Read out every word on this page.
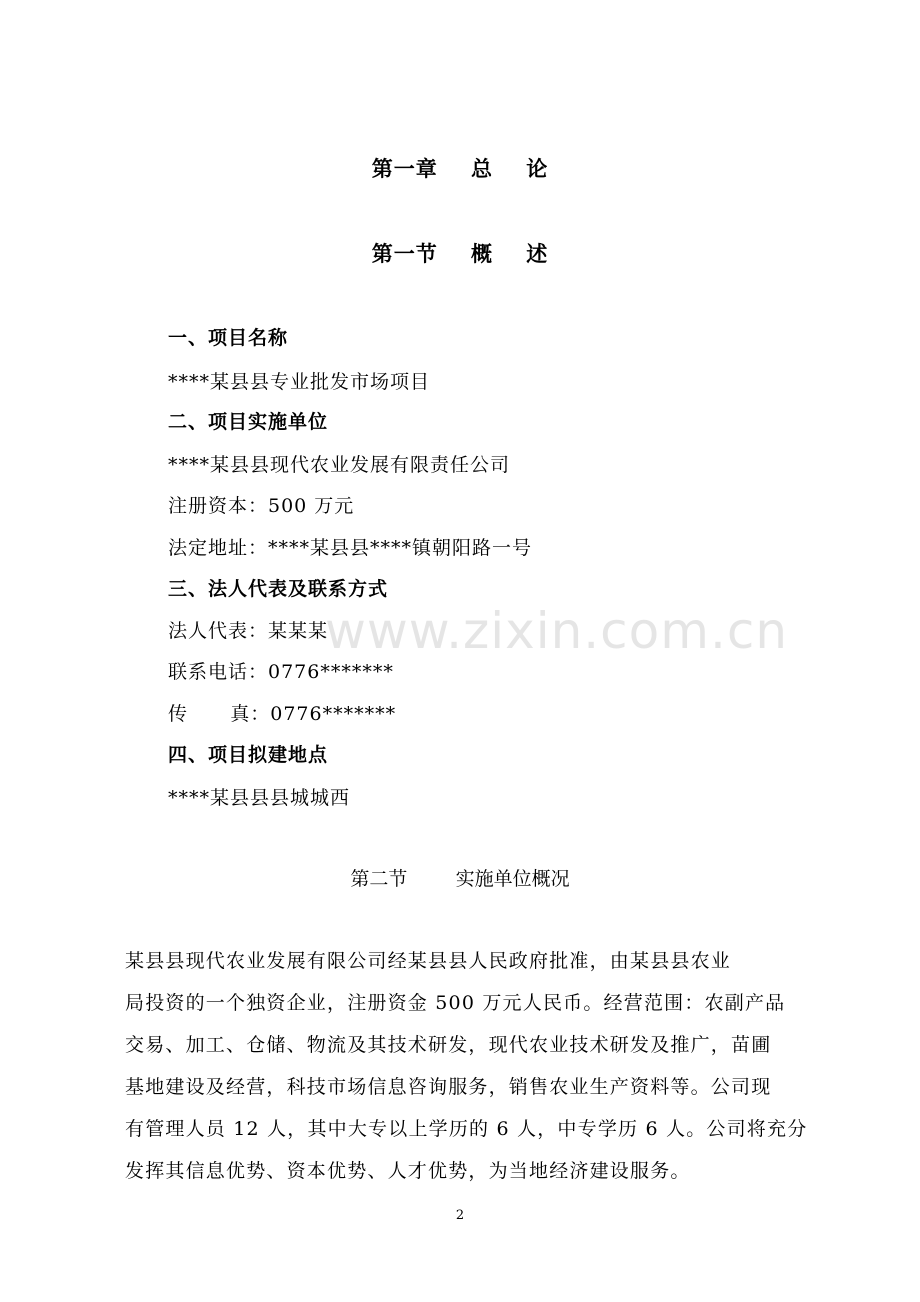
第一章    总    论
第一节    概    述
一、项目名称
****某县县专业批发市场项目
二、项目实施单位
****某县县现代农业发展有限责任公司
注册资本：500 万元
法定地址：****某县县****镇朝阳路一号
三、法人代表及联系方式
法人代表：某某某
联系电话：0776*******
传      真：0776*******
四、项目拟建地点
****某县县县城城西
第二节        实施单位概况
某县县现代农业发展有限公司经某县县人民政府批准，由某县县农业
局投资的一个独资企业，注册资金 500 万元人民币。经营范围：农副产品
交易、加工、仓储、物流及其技术研发，现代农业技术研发及推广，苗圃
基地建设及经营，科技市场信息咨询服务，销售农业生产资料等。公司现
有管理人员 12 人，其中大专以上学历的 6 人，中专学历 6 人。公司将充分
发挥其信息优势、资本优势、人才优势，为当地经济建设服务。
www.zixin.com.cn
2
